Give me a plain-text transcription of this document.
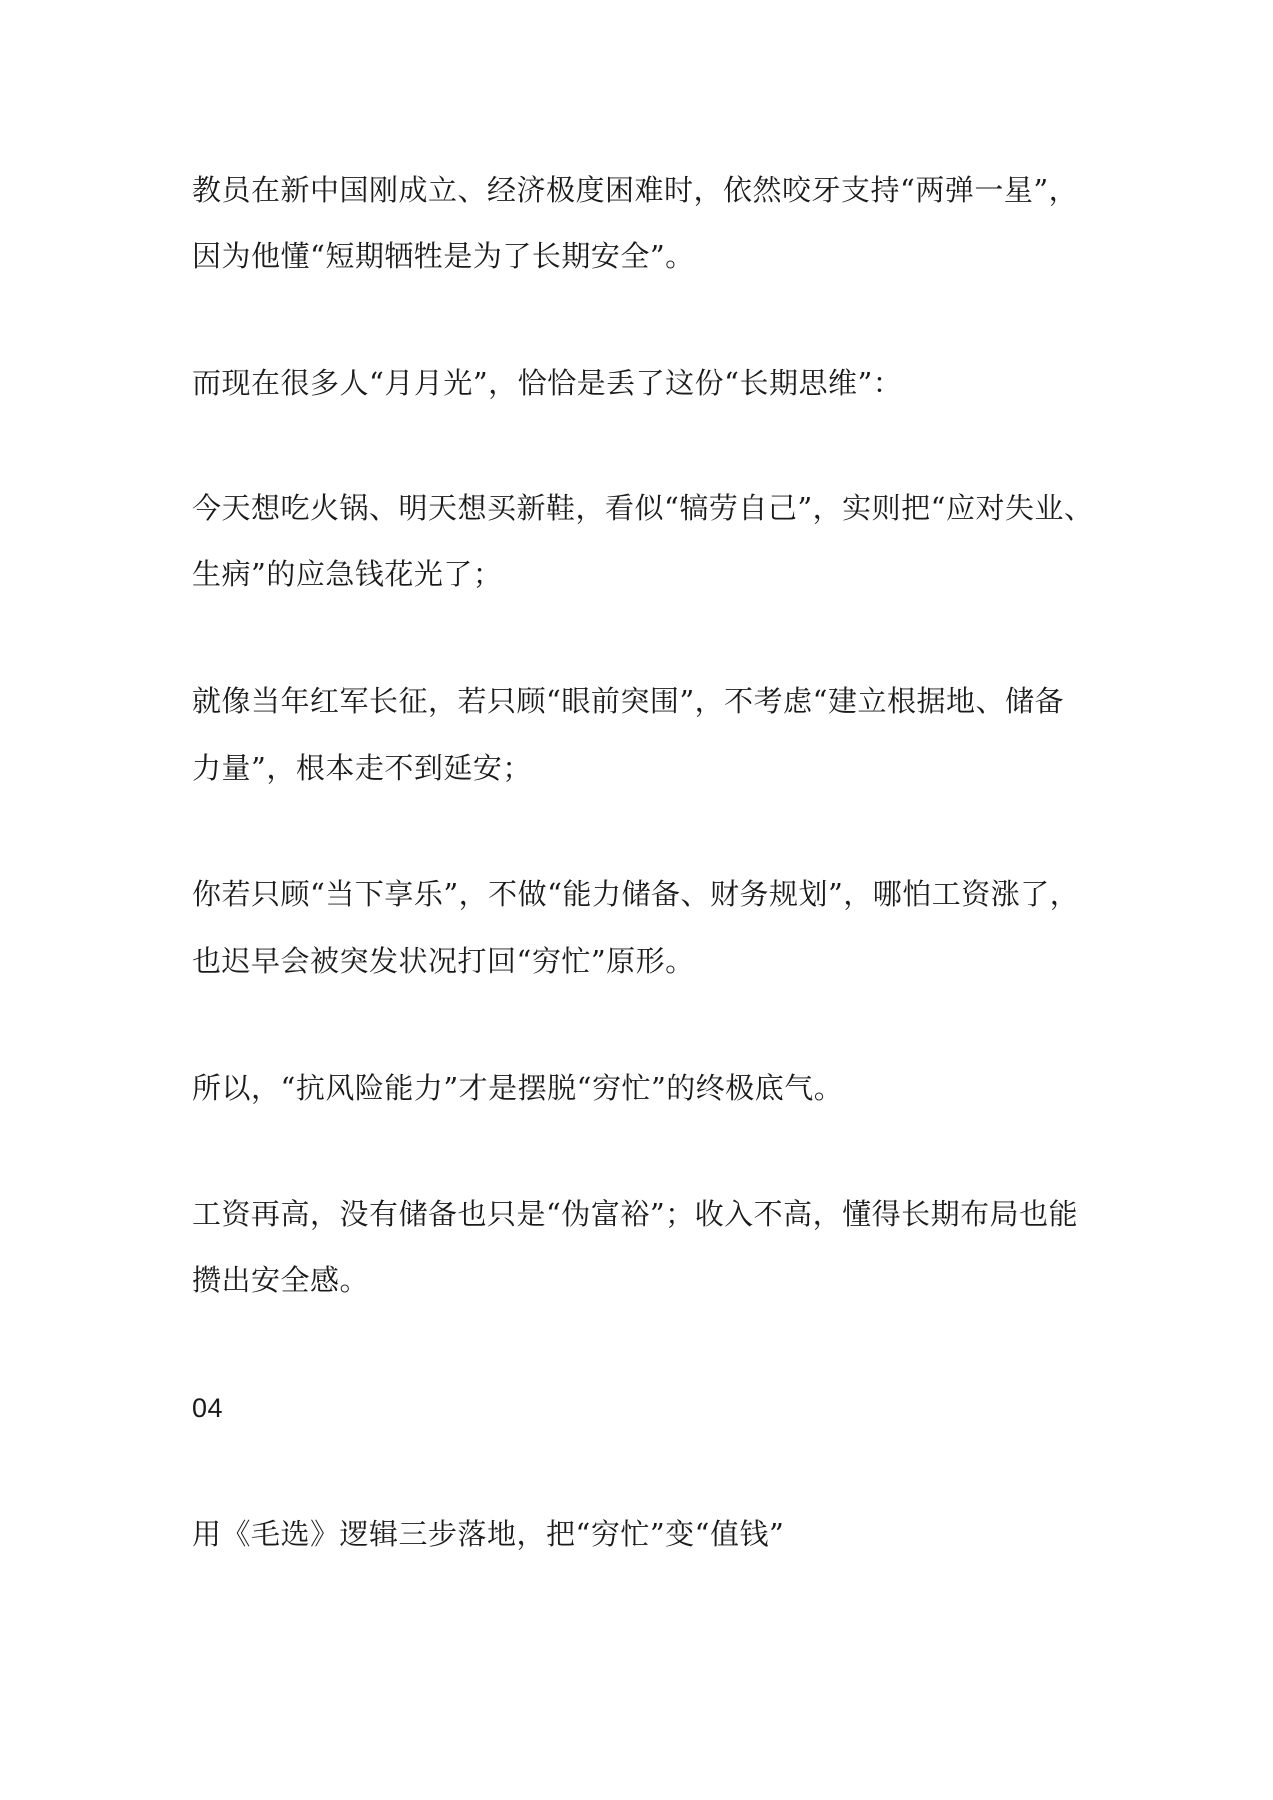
教员在新中国刚成立、经济极度困难时，依然咬牙支持“两弹一星”，
因为他懂“短期牺牲是为了长期安全”。
而现在很多人“月月光”，恰恰是丢了这份“长期思维”：
今天想吃火锅、明天想买新鞋，看似“犒劳自己”，实则把“应对失业、
生病”的应急钱花光了；
就像当年红军长征，若只顾“眼前突围”，不考虑“建立根据地、储备
力量”，根本走不到延安；
你若只顾“当下享乐”，不做“能力储备、财务规划”，哪怕工资涨了，
也迟早会被突发状况打回“穷忙”原形。
所以，“抗风险能力”才是摆脱“穷忙”的终极底气。
工资再高，没有储备也只是“伪富裕”；收入不高，懂得长期布局也能
攒出安全感。
04
用《毛选》逻辑三步落地，把“穷忙”变“值钱”
